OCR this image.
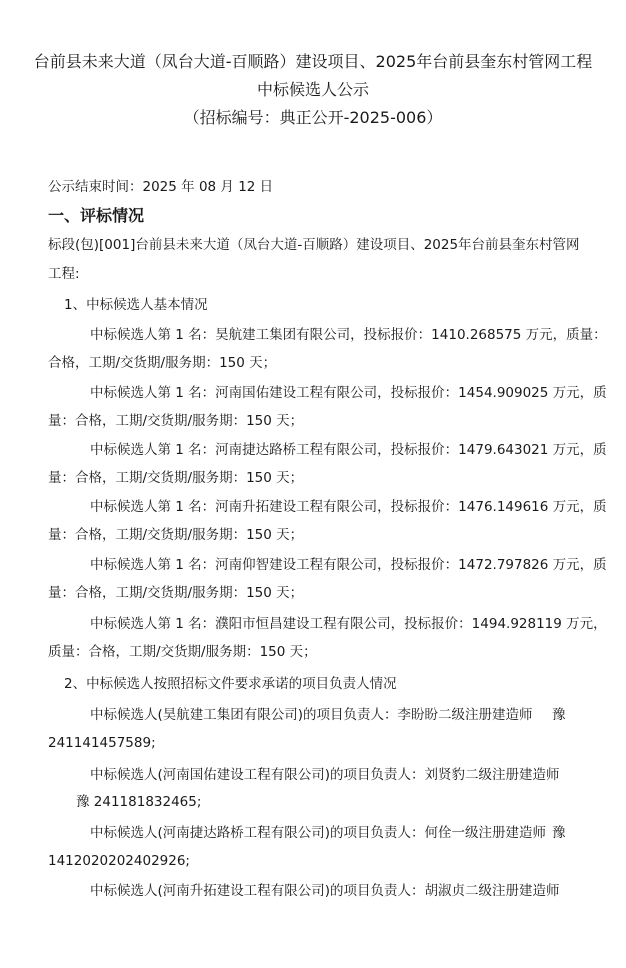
台前县未来大道（凤台大道-百顺路）建设项目、2025年台前县奎东村管网工程
中标候选人公示
（招标编号：典正公开-2025-006）
公示结束时间：2025 年 08 月 12 日
一、评标情况
标段(包)[001]台前县未来大道（凤台大道-百顺路）建设项目、2025年台前县奎东村管网
工程:
1、中标候选人基本情况
中标候选人第 1 名：昊航建工集团有限公司，投标报价：1410.268575 万元，质量：
合格，工期/交货期/服务期：150 天；
中标候选人第 1 名：河南国佑建设工程有限公司，投标报价：1454.909025 万元，质
量：合格，工期/交货期/服务期：150 天；
中标候选人第 1 名：河南捷达路桥工程有限公司，投标报价：1479.643021 万元，质
量：合格，工期/交货期/服务期：150 天；
中标候选人第 1 名：河南升拓建设工程有限公司，投标报价：1476.149616 万元，质
量：合格，工期/交货期/服务期：150 天；
中标候选人第 1 名：河南仰智建设工程有限公司，投标报价：1472.797826 万元，质
量：合格，工期/交货期/服务期：150 天；
中标候选人第 1 名：濮阳市恒昌建设工程有限公司，投标报价：1494.928119 万元，
质量：合格，工期/交货期/服务期：150 天；
2、中标候选人按照招标文件要求承诺的项目负责人情况
中标候选人(昊航建工集团有限公司)的项目负责人：李盼盼二级注册建造师 豫
241141457589;
中标候选人(河南国佑建设工程有限公司)的项目负责人：刘贤豹二级注册建造师
豫 241181832465;
中标候选人(河南捷达路桥工程有限公司)的项目负责人：何佺一级注册建造师 豫
1412020202402926;
中标候选人(河南升拓建设工程有限公司)的项目负责人：胡淑贞二级注册建造师
